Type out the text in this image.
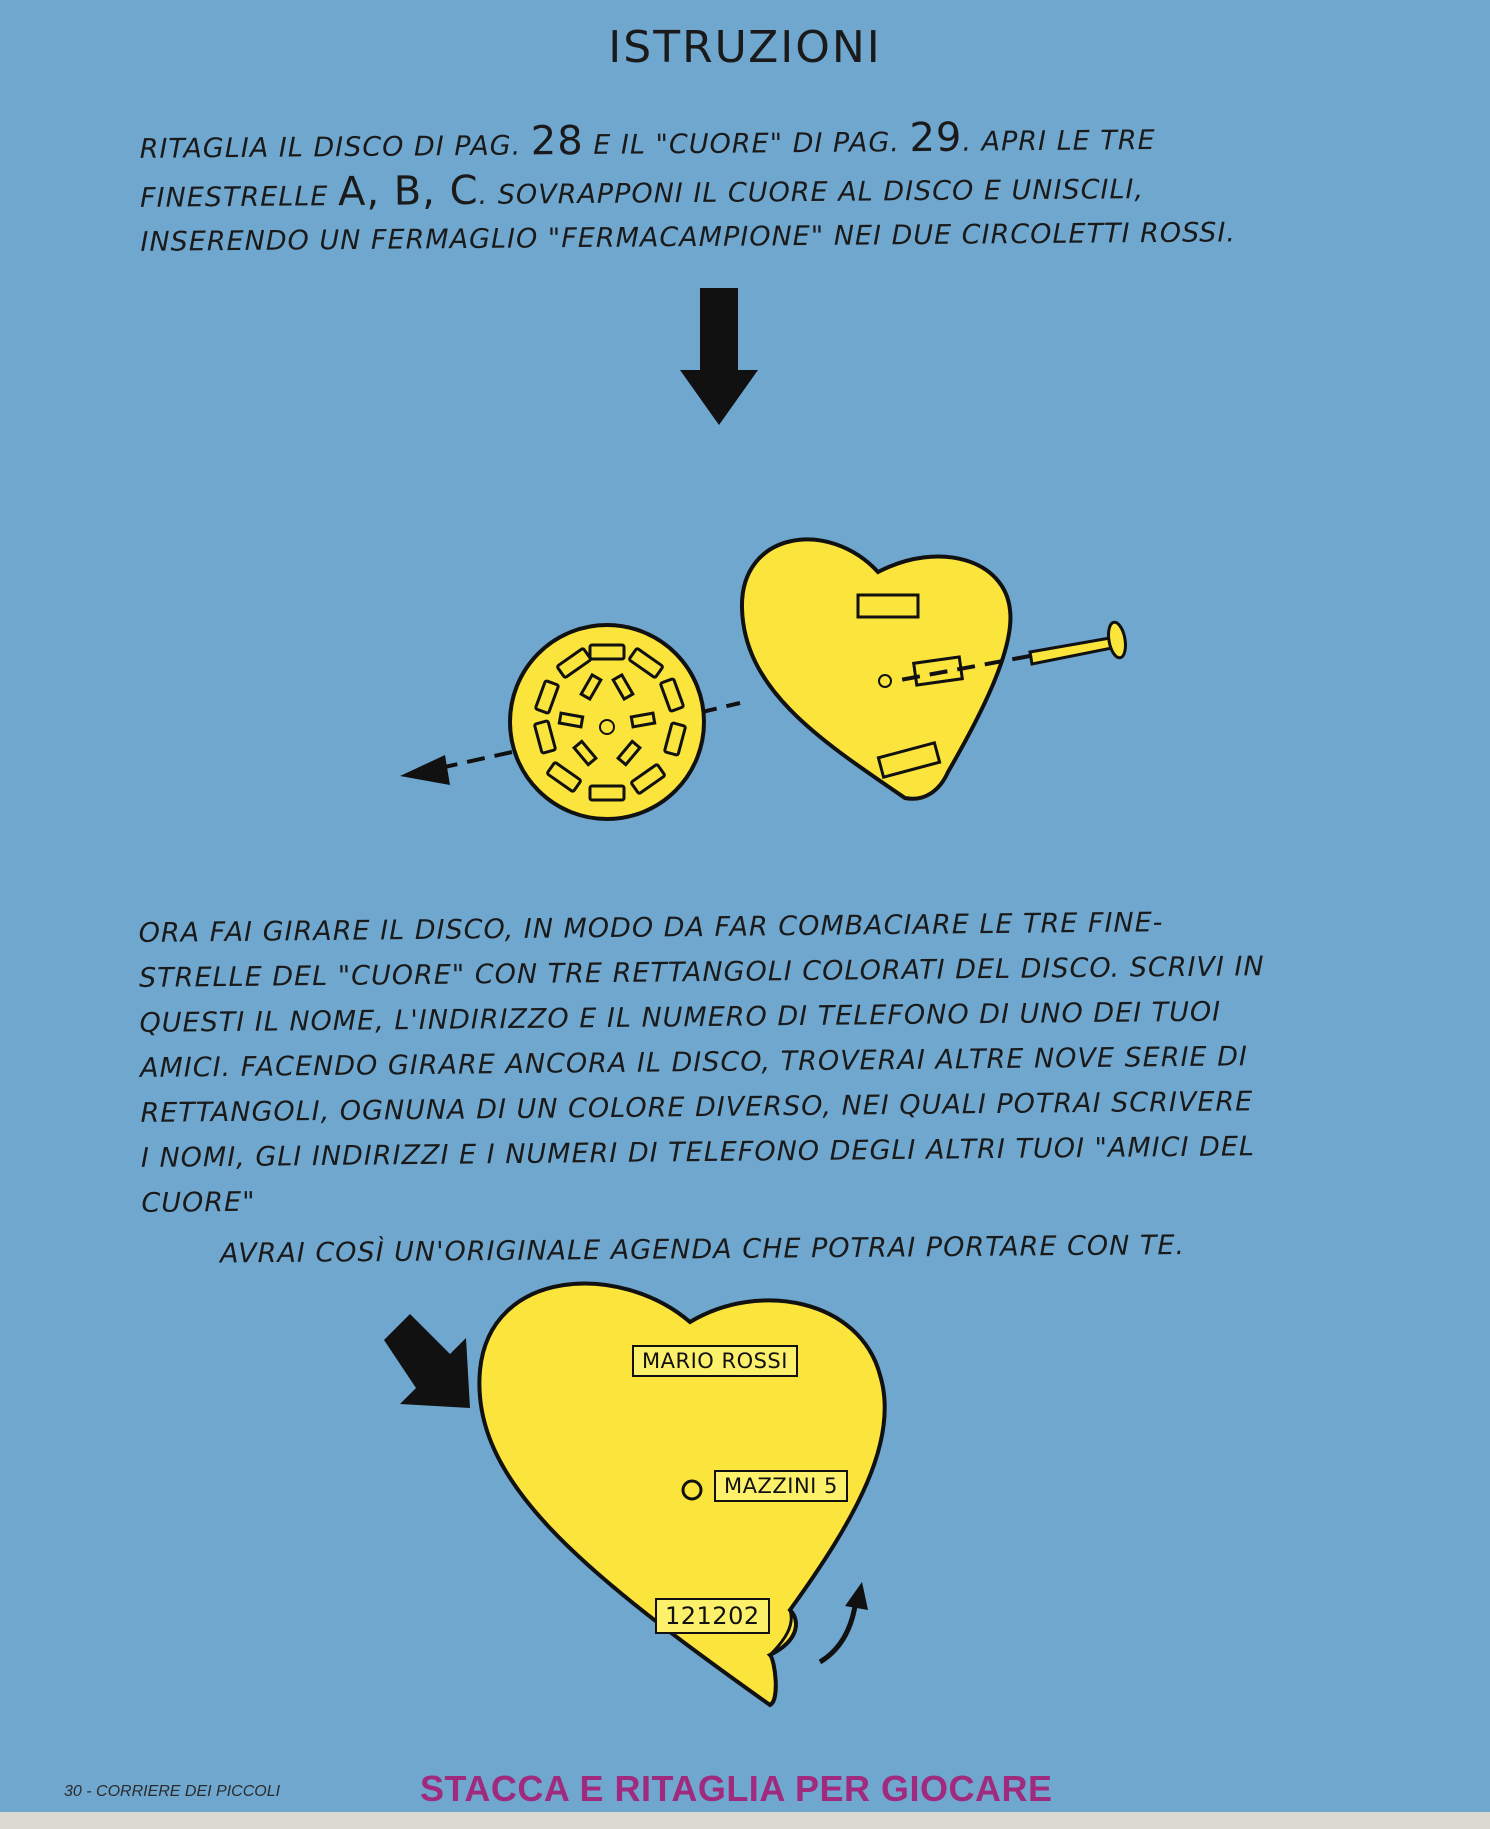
ISTRUZIONI

RITAGLIA IL DISCO DI PAG. 28 E IL "CUORE" DI PAG. 29. APRI LE TRE FINESTRELLE A, B, C. SOVRAPPONI IL CUORE AL DISCO E UNISCILI, INSERENDO UN FERMAGLIO "FERMACAMPIONE" NEI DUE CIRCOLETTI ROSSI.

MARIO ROSSI
MAZZINI 5
121202

ORA FAI GIRARE IL DISCO, IN MODO DA FAR COMBACIARE LE TRE FINE-STRELLE DEL "CUORE" CON TRE RETTANGOLI COLORATI DEL DISCO. SCRIVI IN QUESTI IL NOME, L'INDIRIZZO E IL NUMERO DI TELEFONO DI UNO DEI TUOI AMICI. FACENDO GIRARE ANCORA IL DISCO, TROVERAI ALTRE NOVE SERIE DI RETTANGOLI, OGNUNA DI UN COLORE DIVERSO, NEI QUALI POTRAI SCRIVERE I NOMI, GLI INDIRIZZI E I NUMERI DI TELEFONO DEGLI ALTRI TUOI "AMICI DEL CUORE"

AVRAI COSÌ UN'ORIGINALE AGENDA CHE POTRAI PORTARE CON TE.

30 - CORRIERE DEI PICCOLI	STACCA E RITAGLIA PER GIOCARE
